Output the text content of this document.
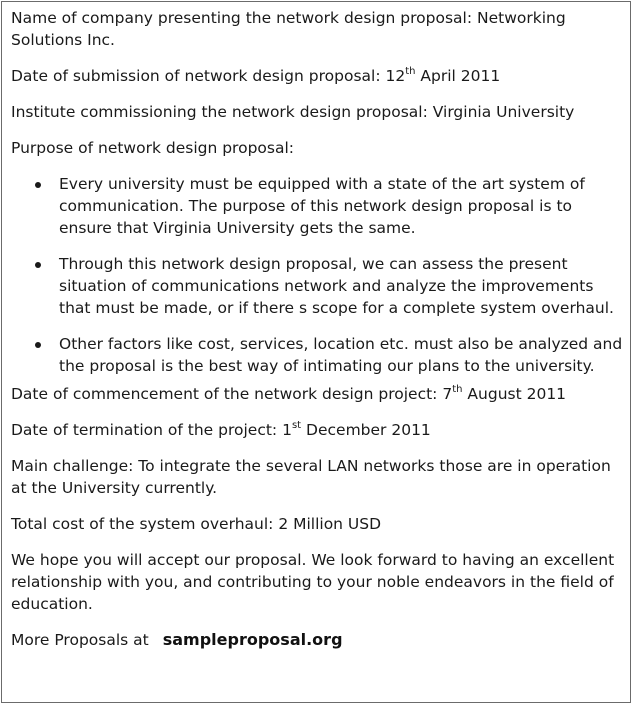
Name of company presenting the network design proposal: Networking Solutions Inc.

Date of submission of network design proposal: 12th April 2011

Institute commissioning the network design proposal: Virginia University

Purpose of network design proposal:

Every university must be equipped with a state of the art system of communication. The purpose of this network design proposal is to ensure that Virginia University gets the same.
Through this network design proposal, we can assess the present situation of communications network and analyze the improvements that must be made, or if there s scope for a complete system overhaul.
Other factors like cost, services, location etc. must also be analyzed and the proposal is the best way of intimating our plans to the university.

Date of commencement of the network design project: 7th August 2011

Date of termination of the project: 1st December 2011

Main challenge: To integrate the several LAN networks those are in operation at the University currently.

Total cost of the system overhaul: 2 Million USD

We hope you will accept our proposal. We look forward to having an excellent relationship with you, and contributing to your noble endeavors in the field of education.

More Proposals at sampleproposal.org
